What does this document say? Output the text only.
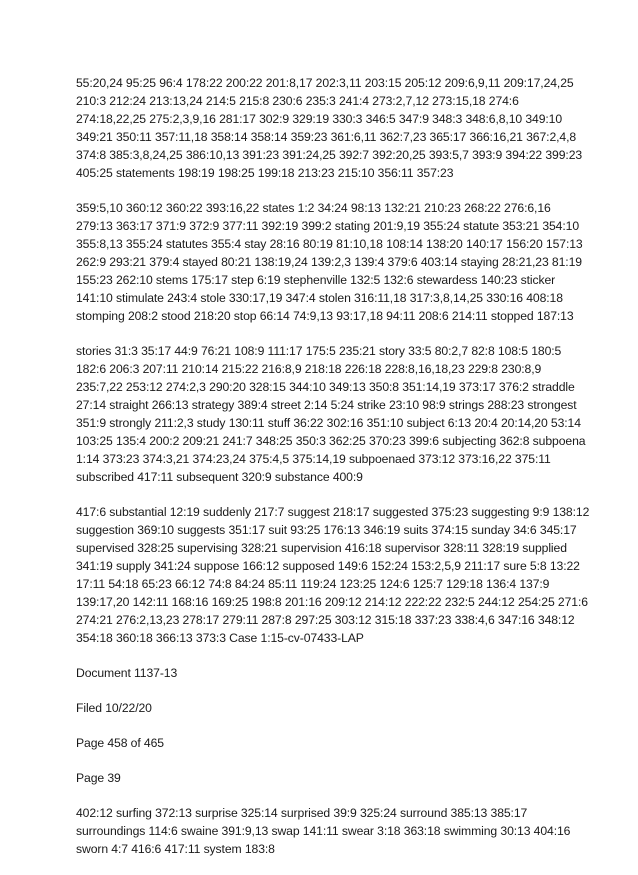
55:20,24 95:25 96:4 178:22 200:22 201:8,17 202:3,11 203:15 205:12 209:6,9,11 209:17,24,25
210:3 212:24 213:13,24 214:5 215:8 230:6 235:3 241:4 273:2,7,12 273:15,18 274:6
274:18,22,25 275:2,3,9,16 281:17 302:9 329:19 330:3 346:5 347:9 348:3 348:6,8,10 349:10
349:21 350:11 357:11,18 358:14 358:14 359:23 361:6,11 362:7,23 365:17 366:16,21 367:2,4,8
374:8 385:3,8,24,25 386:10,13 391:23 391:24,25 392:7 392:20,25 393:5,7 393:9 394:22 399:23
405:25 statements 198:19 198:25 199:18 213:23 215:10 356:11 357:23

359:5,10 360:12 360:22 393:16,22 states 1:2 34:24 98:13 132:21 210:23 268:22 276:6,16
279:13 363:17 371:9 372:9 377:11 392:19 399:2 stating 201:9,19 355:24 statute 353:21 354:10
355:8,13 355:24 statutes 355:4 stay 28:16 80:19 81:10,18 108:14 138:20 140:17 156:20 157:13
262:9 293:21 379:4 stayed 80:21 138:19,24 139:2,3 139:4 379:6 403:14 staying 28:21,23 81:19
155:23 262:10 stems 175:17 step 6:19 stephenville 132:5 132:6 stewardess 140:23 sticker
141:10 stimulate 243:4 stole 330:17,19 347:4 stolen 316:11,18 317:3,8,14,25 330:16 408:18
stomping 208:2 stood 218:20 stop 66:14 74:9,13 93:17,18 94:11 208:6 214:11 stopped 187:13

stories 31:3 35:17 44:9 76:21 108:9 111:17 175:5 235:21 story 33:5 80:2,7 82:8 108:5 180:5
182:6 206:3 207:11 210:14 215:22 216:8,9 218:18 226:18 228:8,16,18,23 229:8 230:8,9
235:7,22 253:12 274:2,3 290:20 328:15 344:10 349:13 350:8 351:14,19 373:17 376:2 straddle
27:14 straight 266:13 strategy 389:4 street 2:14 5:24 strike 23:10 98:9 strings 288:23 strongest
351:9 strongly 211:2,3 study 130:11 stuff 36:22 302:16 351:10 subject 6:13 20:4 20:14,20 53:14
103:25 135:4 200:2 209:21 241:7 348:25 350:3 362:25 370:23 399:6 subjecting 362:8 subpoena
1:14 373:23 374:3,21 374:23,24 375:4,5 375:14,19 subpoenaed 373:12 373:16,22 375:11
subscribed 417:11 subsequent 320:9 substance 400:9

417:6 substantial 12:19 suddenly 217:7 suggest 218:17 suggested 375:23 suggesting 9:9 138:12
suggestion 369:10 suggests 351:17 suit 93:25 176:13 346:19 suits 374:15 sunday 34:6 345:17
supervised 328:25 supervising 328:21 supervision 416:18 supervisor 328:11 328:19 supplied
341:19 supply 341:24 suppose 166:12 supposed 149:6 152:24 153:2,5,9 211:17 sure 5:8 13:22
17:11 54:18 65:23 66:12 74:8 84:24 85:11 119:24 123:25 124:6 125:7 129:18 136:4 137:9
139:17,20 142:11 168:16 169:25 198:8 201:16 209:12 214:12 222:22 232:5 244:12 254:25 271:6
274:21 276:2,13,23 278:17 279:11 287:8 297:25 303:12 315:18 337:23 338:4,6 347:16 348:12
354:18 360:18 366:13 373:3 Case 1:15-cv-07433-LAP

Document 1137-13
Filed 10/22/20
Page 458 of 465
Page 39

402:12 surfing 372:13 surprise 325:14 surprised 39:9 325:24 surround 385:13 385:17
surroundings 114:6 swaine 391:9,13 swap 141:11 swear 3:18 363:18 swimming 30:13 404:16
sworn 4:7 416:6 417:11 system 183:8
